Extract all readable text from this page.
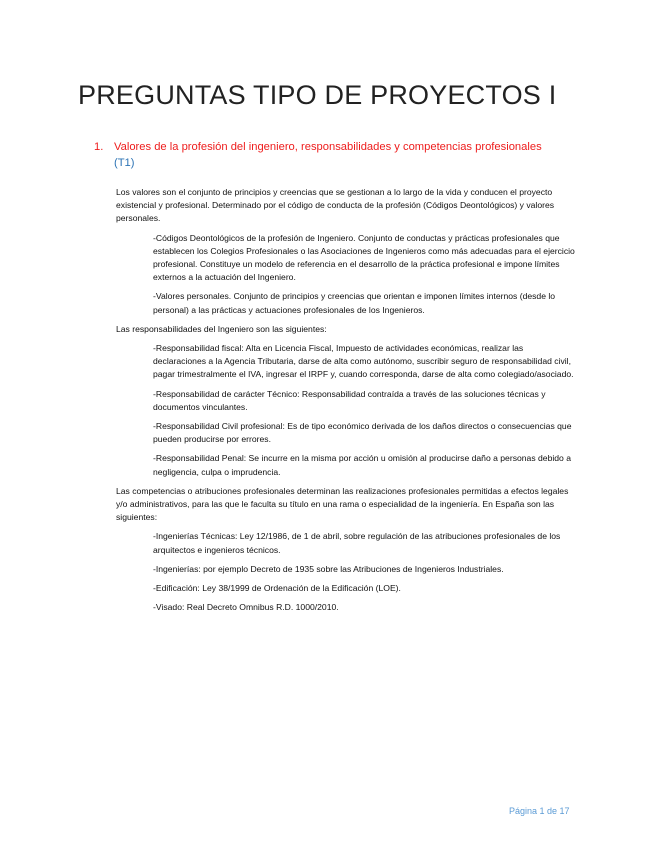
PREGUNTAS TIPO DE PROYECTOS I
1. Valores de la profesión del ingeniero, responsabilidades y competencias profesionales
(T1)

Los valores son el conjunto de principios y creencias que se gestionan a lo largo de la vida y conducen el proyecto existencial y profesional. Determinado por el código de conducta de la profesión (Códigos Deontológicos) y valores personales.

-Códigos Deontológicos de la profesión de Ingeniero. Conjunto de conductas y prácticas profesionales que establecen los Colegios Profesionales o las Asociaciones de Ingenieros como más adecuadas para el ejercicio profesional. Constituye un modelo de referencia en el desarrollo de la práctica profesional e impone límites externos a la actuación del Ingeniero.

-Valores personales. Conjunto de principios y creencias que orientan e imponen límites internos (desde lo personal) a las prácticas y actuaciones profesionales de los Ingenieros.

Las responsabilidades del Ingeniero son las siguientes:

-Responsabilidad fiscal: Alta en Licencia Fiscal, Impuesto de actividades económicas, realizar las declaraciones a la Agencia Tributaria, darse de alta como autónomo, suscribir seguro de responsabilidad civil, pagar trimestralmente el IVA, ingresar el IRPF y, cuando corresponda, darse de alta como colegiado/asociado.

-Responsabilidad de carácter Técnico: Responsabilidad contraída a través de las soluciones técnicas y documentos vinculantes.

-Responsabilidad Civil profesional: Es de tipo económico derivada de los daños directos o consecuencias que pueden producirse por errores.

-Responsabilidad Penal: Se incurre en la misma por acción u omisión al producirse daño a personas debido a negligencia, culpa o imprudencia.

Las competencias o atribuciones profesionales determinan las realizaciones profesionales permitidas a efectos legales y/o administrativos, para las que le faculta su título en una rama o especialidad de la ingeniería. En España son las siguientes:

-Ingenierías Técnicas: Ley 12/1986, de 1 de abril, sobre regulación de las atribuciones profesionales de los arquitectos e ingenieros técnicos.

-Ingenierías: por ejemplo Decreto de 1935 sobre las Atribuciones de Ingenieros Industriales.

-Edificación: Ley 38/1999 de Ordenación de la Edificación (LOE).

-Visado: Real Decreto Omnibus R.D. 1000/2010.

Página 1 de 17
